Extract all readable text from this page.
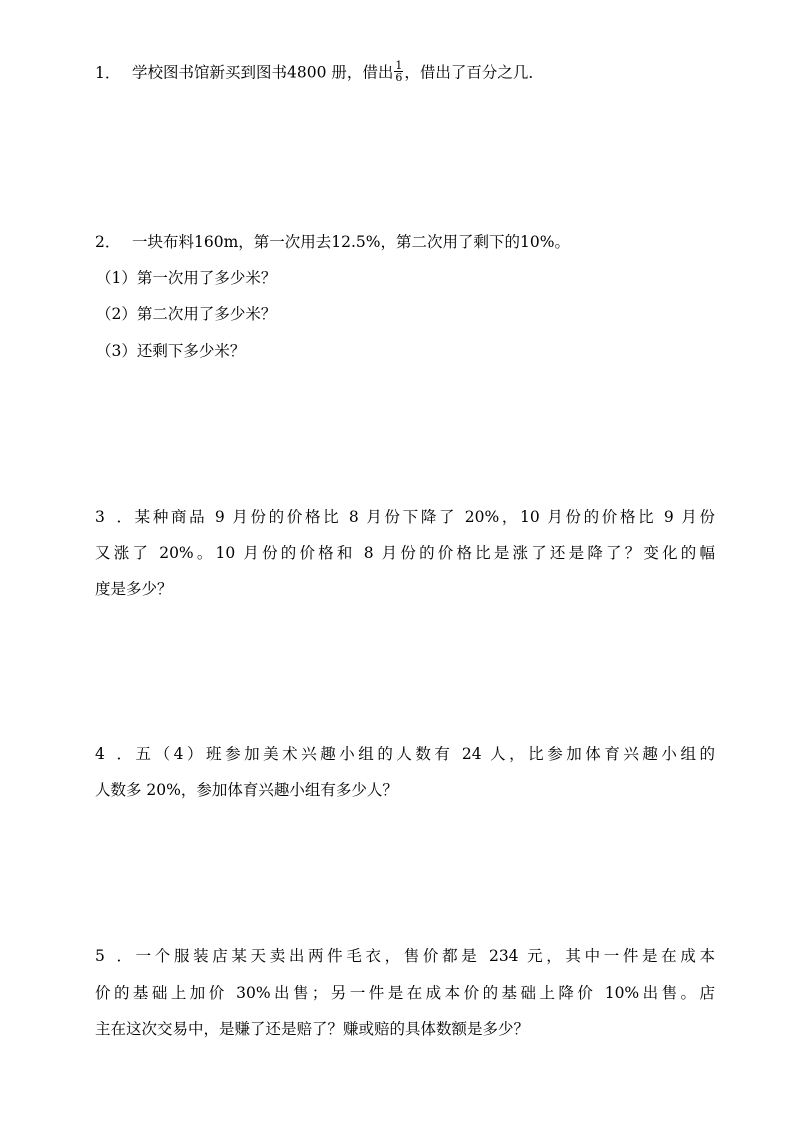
1． 学校图书馆新买到图书4800 册，借出 $\frac{1}{6}$ ，借出了百分之几．
2． 一块布料160m，第一次用去12.5%，第二次用了剩下的10%。
（1）第一次用了多少米？
（2）第二次用了多少米？
（3）还剩下多少米？
3．某种商品 9 月份的价格比 8 月份下降了 20%，10 月份的价格比 9 月份
又涨了 20%。10 月份的价格和 8 月份的价格比是涨了还是降了？变化的幅
度是多少？
4．五（4）班参加美术兴趣小组的人数有 24 人，比参加体育兴趣小组的
人数多 20%，参加体育兴趣小组有多少人？
5．一个服装店某天卖出两件毛衣，售价都是 234 元，其中一件是在成本
价的基础上加价 30%出售；另一件是在成本价的基础上降价 10%出售。店
主在这次交易中，是赚了还是赔了？赚或赔的具体数额是多少？
